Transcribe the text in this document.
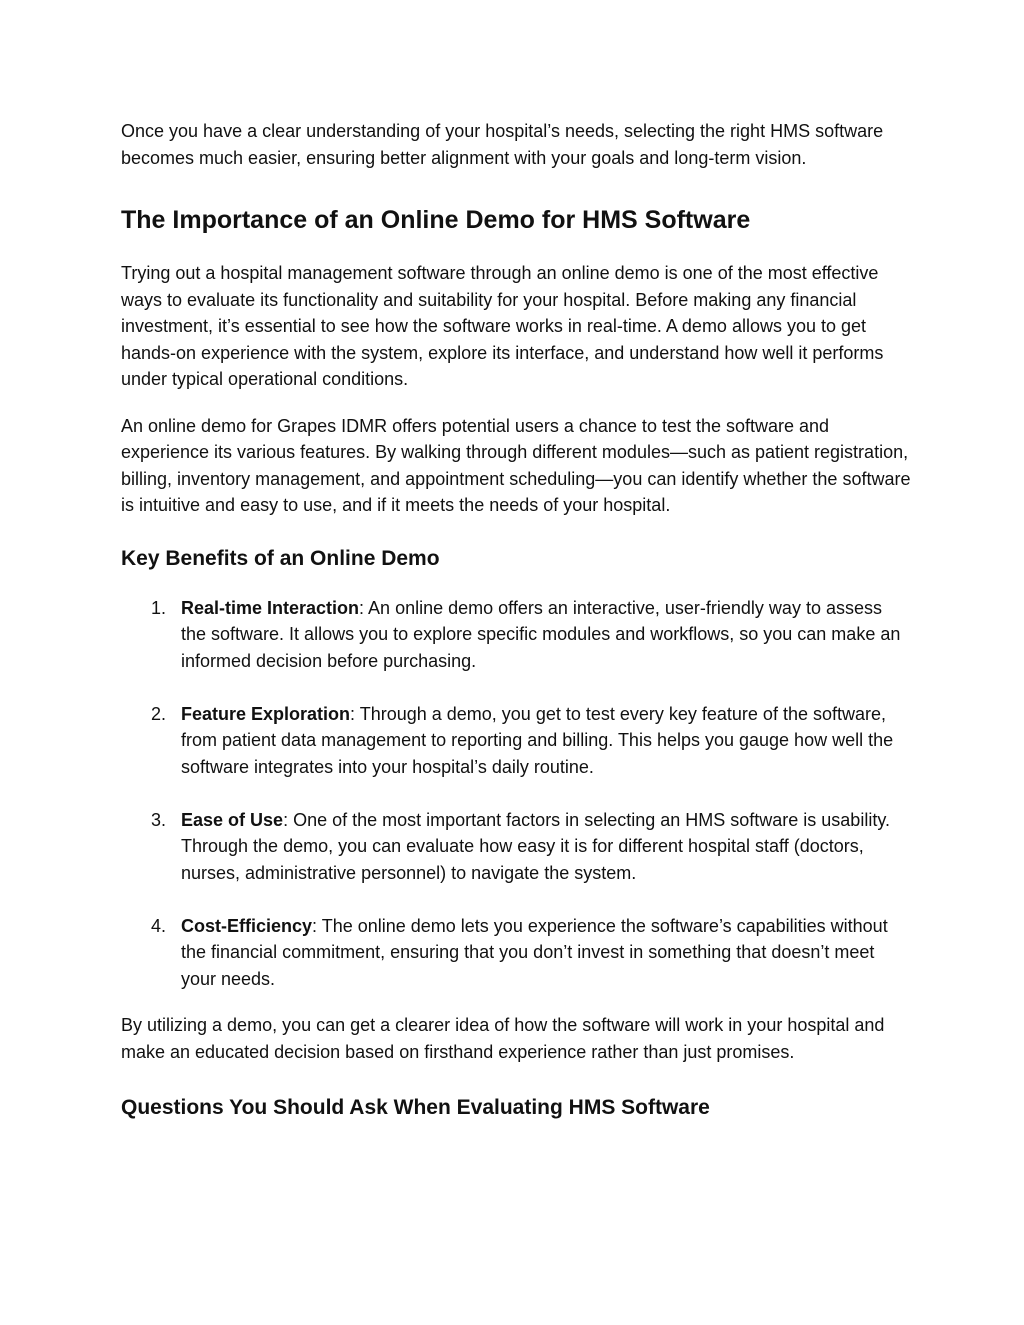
Once you have a clear understanding of your hospital’s needs, selecting the right HMS software becomes much easier, ensuring better alignment with your goals and long-term vision.

The Importance of an Online Demo for HMS Software

Trying out a hospital management software through an online demo is one of the most effective ways to evaluate its functionality and suitability for your hospital. Before making any financial investment, it’s essential to see how the software works in real-time. A demo allows you to get hands-on experience with the system, explore its interface, and understand how well it performs under typical operational conditions.

An online demo for Grapes IDMR offers potential users a chance to test the software and experience its various features. By walking through different modules—such as patient registration, billing, inventory management, and appointment scheduling—you can identify whether the software is intuitive and easy to use, and if it meets the needs of your hospital.

Key Benefits of an Online Demo
1. Real-time Interaction: An online demo offers an interactive, user-friendly way to assess the software. It allows you to explore specific modules and workflows, so you can make an informed decision before purchasing.
2. Feature Exploration: Through a demo, you get to test every key feature of the software, from patient data management to reporting and billing. This helps you gauge how well the software integrates into your hospital’s daily routine.
3. Ease of Use: One of the most important factors in selecting an HMS software is usability. Through the demo, you can evaluate how easy it is for different hospital staff (doctors, nurses, administrative personnel) to navigate the system.
4. Cost-Efficiency: The online demo lets you experience the software’s capabilities without the financial commitment, ensuring that you don’t invest in something that doesn’t meet your needs.

By utilizing a demo, you can get a clearer idea of how the software will work in your hospital and make an educated decision based on firsthand experience rather than just promises.

Questions You Should Ask When Evaluating HMS Software
